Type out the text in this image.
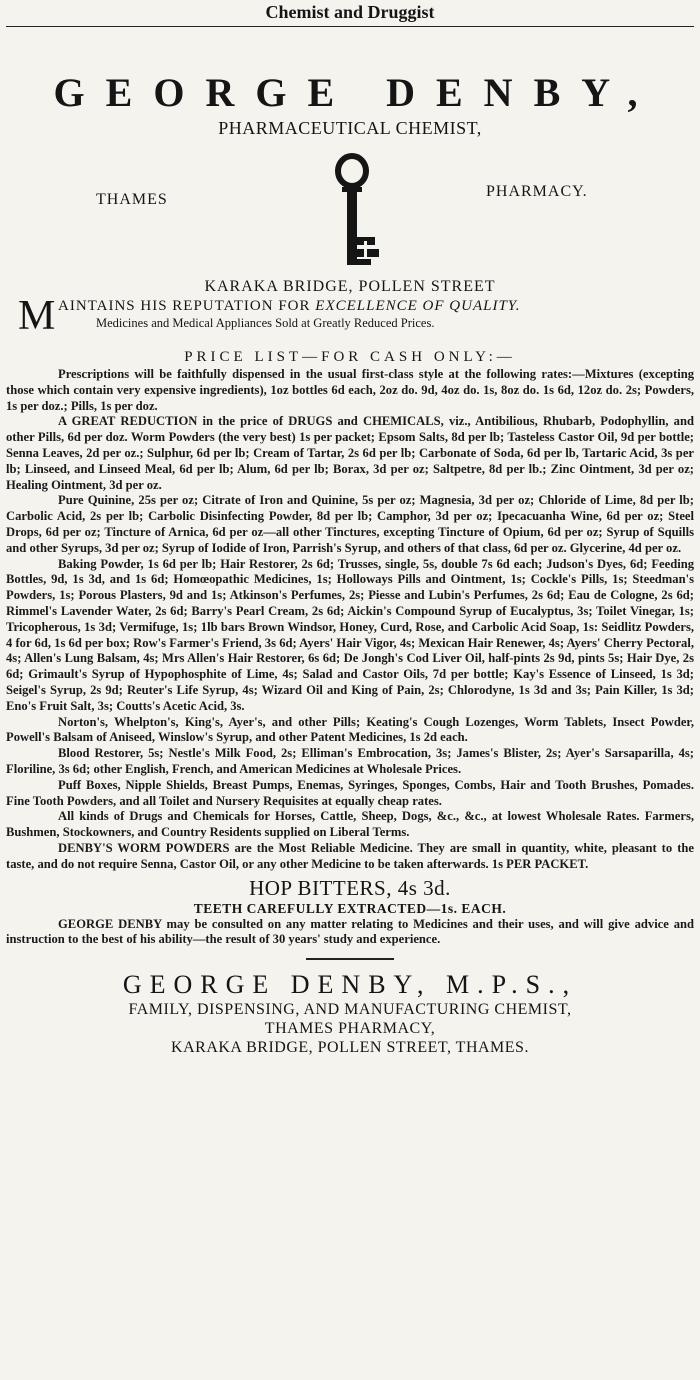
Chemist and Druggist
GEORGE DENBY,
PHARMACEUTICAL CHEMIST,
THAMES	PHARMACY.
KARAKA BRIDGE, POLLEN STREET
M AINTAINS HIS REPUTATION FOR EXCELLENCE OF QUALITY.
Medicines and Medical Appliances Sold at Greatly Reduced Prices.
PRICE LIST—FOR CASH ONLY:—

Prescriptions will be faithfully dispensed in the usual first-class style at the following rates:—Mixtures (excepting those which contain very expensive ingredients), 1oz bottles 6d each, 2oz do. 9d, 4oz do. 1s, 8oz do. 1s 6d, 12oz do. 2s; Powders, 1s per doz.; Pills, 1s per doz.

A GREAT REDUCTION in the price of DRUGS and CHEMICALS, viz., Antibilious, Rhubarb, Podophyllin, and other Pills, 6d per doz. Worm Powders (the very best) 1s per packet; Epsom Salts, 8d per lb; Tasteless Castor Oil, 9d per bottle; Senna Leaves, 2d per oz.; Sulphur, 6d per lb; Cream of Tartar, 2s 6d per lb; Carbonate of Soda, 6d per lb, Tartaric Acid, 3s per lb; Linseed, and Linseed Meal, 6d per lb; Alum, 6d per lb; Borax, 3d per oz; Saltpetre, 8d per lb.; Zinc Ointment, 3d per oz; Healing Ointment, 3d per oz.

Pure Quinine, 25s per oz; Citrate of Iron and Quinine, 5s per oz; Magnesia, 3d per oz; Chloride of Lime, 8d per lb; Carbolic Acid, 2s per lb; Carbolic Disinfecting Powder, 8d per lb; Camphor, 3d per oz; Ipecacuanha Wine, 6d per oz; Steel Drops, 6d per oz; Tincture of Arnica, 6d per oz—all other Tinctures, excepting Tincture of Opium, 6d per oz; Syrup of Squills and other Syrups, 3d per oz; Syrup of Iodide of Iron, Parrish's Syrup, and others of that class, 6d per oz. Glycerine, 4d per oz.

Baking Powder, 1s 6d per lb; Hair Restorer, 2s 6d; Trusses, single, 5s, double 7s 6d each; Judson's Dyes, 6d; Feeding Bottles, 9d, 1s 3d, and 1s 6d; Homœopathic Medicines, 1s; Holloways Pills and Ointment, 1s; Cockle's Pills, 1s; Steedman's Powders, 1s; Porous Plasters, 9d and 1s; Atkinson's Perfumes, 2s; Piesse and Lubin's Perfumes, 2s 6d; Eau de Cologne, 2s 6d; Rimmel's Lavender Water, 2s 6d; Barry's Pearl Cream, 2s 6d; Aickin's Compound Syrup of Eucalyptus, 3s; Toilet Vinegar, 1s; Tricopherous, 1s 3d; Vermifuge, 1s; 1lb bars Brown Windsor, Honey, Curd, Rose, and Carbolic Acid Soap, 1s: Seidlitz Powders, 4 for 6d, 1s 6d per box; Row's Farmer's Friend, 3s 6d; Ayers' Hair Vigor, 4s; Mexican Hair Renewer, 4s; Ayers' Cherry Pectoral, 4s; Allen's Lung Balsam, 4s; Mrs Allen's Hair Restorer, 6s 6d; De Jongh's Cod Liver Oil, half-pints 2s 9d, pints 5s; Hair Dye, 2s 6d; Grimault's Syrup of Hypophosphite of Lime, 4s; Salad and Castor Oils, 7d per bottle; Kay's Essence of Linseed, 1s 3d; Seigel's Syrup, 2s 9d; Reuter's Life Syrup, 4s; Wizard Oil and King of Pain, 2s; Chlorodyne, 1s 3d and 3s; Pain Killer, 1s 3d; Eno's Fruit Salt, 3s; Coutts's Acetic Acid, 3s.

Norton's, Whelpton's, King's, Ayer's, and other Pills; Keating's Cough Lozenges, Worm Tablets, Insect Powder, Powell's Balsam of Aniseed, Winslow's Syrup, and other Patent Medicines, 1s 2d each.

Blood Restorer, 5s; Nestle's Milk Food, 2s; Elliman's Embrocation, 3s; James's Blister, 2s; Ayer's Sarsaparilla, 4s; Floriline, 3s 6d; other English, French, and American Medicines at Wholesale Prices.

Puff Boxes, Nipple Shields, Breast Pumps, Enemas, Syringes, Sponges, Combs, Hair and Tooth Brushes, Pomades. Fine Tooth Powders, and all Toilet and Nursery Requisites at equally cheap rates.

All kinds of Drugs and Chemicals for Horses, Cattle, Sheep, Dogs, &c., &c., at lowest Wholesale Rates. Farmers, Bushmen, Stockowners, and Country Residents supplied on Liberal Terms.

DENBY'S WORM POWDERS are the Most Reliable Medicine. They are small in quantity, white, pleasant to the taste, and do not require Senna, Castor Oil, or any other Medicine to be taken afterwards. 1s PER PACKET.

HOP BITTERS, 4s 3d.
TEETH CAREFULLY EXTRACTED—1s. EACH.

GEORGE DENBY may be consulted on any matter relating to Medicines and their uses, and will give advice and instruction to the best of his ability—the result of 30 years' study and experience.

GEORGE DENBY, M.P.S.,
FAMILY, DISPENSING, AND MANUFACTURING CHEMIST,
THAMES PHARMACY,
KARAKA BRIDGE, POLLEN STREET, THAMES.
